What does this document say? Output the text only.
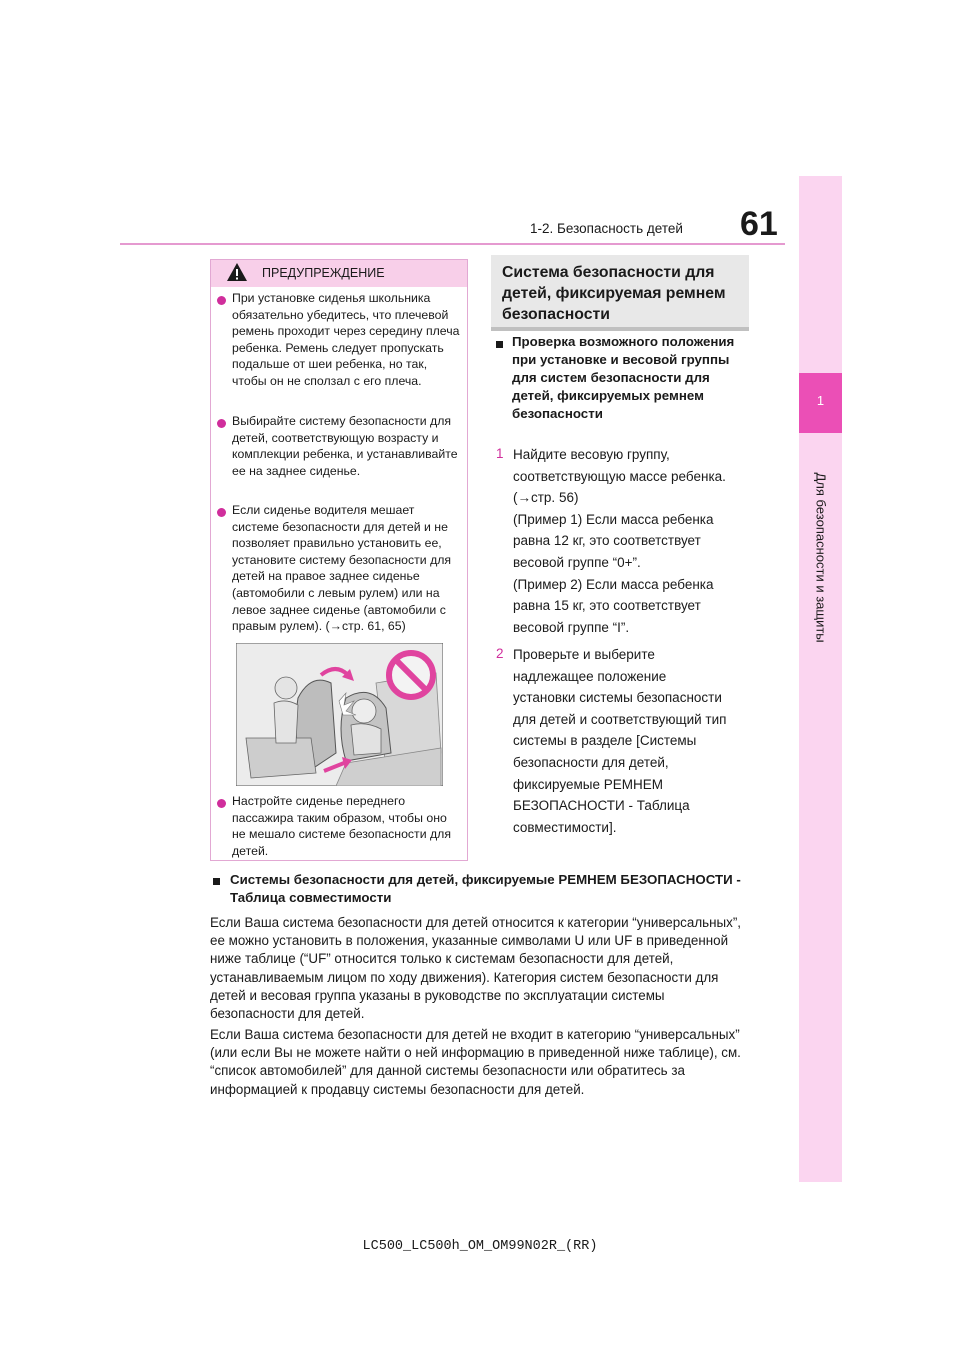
61
1-2. Безопасность детей
1
Для безопасности и защиты
ПРЕДУПРЕЖДЕНИЕ
При установке сиденья школьника обязательно убедитесь, что плечевой ремень проходит через середину плеча ребенка. Ремень следует пропускать подальше от шеи ребенка, но так, чтобы он не сползал с его плеча.
Выбирайте систему безопасности для детей, соответствующую возрасту и комплекции ребенка, и устанавливайте ее на заднее сиденье.
Если сиденье водителя мешает системе безопасности для детей и не позволяет правильно установить ее, установите систему безопасности для детей на правое заднее сиденье (автомобили с левым рулем) или на левое заднее сиденье (автомобили с правым рулем). (→стр. 61, 65)
Настройте сиденье переднего пассажира таким образом, чтобы оно не мешало системе безопасности для детей.
Система безопасности для детей, фиксируемая ремнем безопасности
Проверка возможного положения при установке и весовой группы для систем безопасности для детей, фиксируемых ремнем безопасности
1 Найдите весовую группу,
соответствующую массе ребенка.
(→стр. 56)
(Пример 1) Если масса ребенка
равна 12 кг, это соответствует
весовой группе “0+”.
(Пример 2) Если масса ребенка
равна 15 кг, это соответствует
весовой группе “I”.
2 Проверьте и выберите
надлежащее положение
установки системы безопасности
для детей и соответствующий тип
системы в разделе [Системы
безопасности для детей,
фиксируемые РЕМНЕМ
БЕЗОПАСНОСТИ - Таблица
совместимости].
Системы безопасности для детей, фиксируемые РЕМНЕМ БЕЗОПАСНОСТИ - Таблица совместимости
Если Ваша система безопасности для детей относится к категории “универсальных”, ее можно установить в положения, указанные символами U или UF в приведенной ниже таблице (“UF” относится только к системам безопасности для детей, устанавливаемым лицом по ходу движения). Категория систем безопасности для детей и весовая группа указаны в руководстве по эксплуатации системы безопасности для детей.
Если Ваша система безопасности для детей не входит в категорию “универсальных” (или если Вы не можете найти о ней информацию в приведенной ниже таблице), см. “список автомобилей” для данной системы безопасности или обратитесь за информацией к продавцу системы безопасности для детей.
LC500_LC500h_OM_OM99N02R_(RR)
